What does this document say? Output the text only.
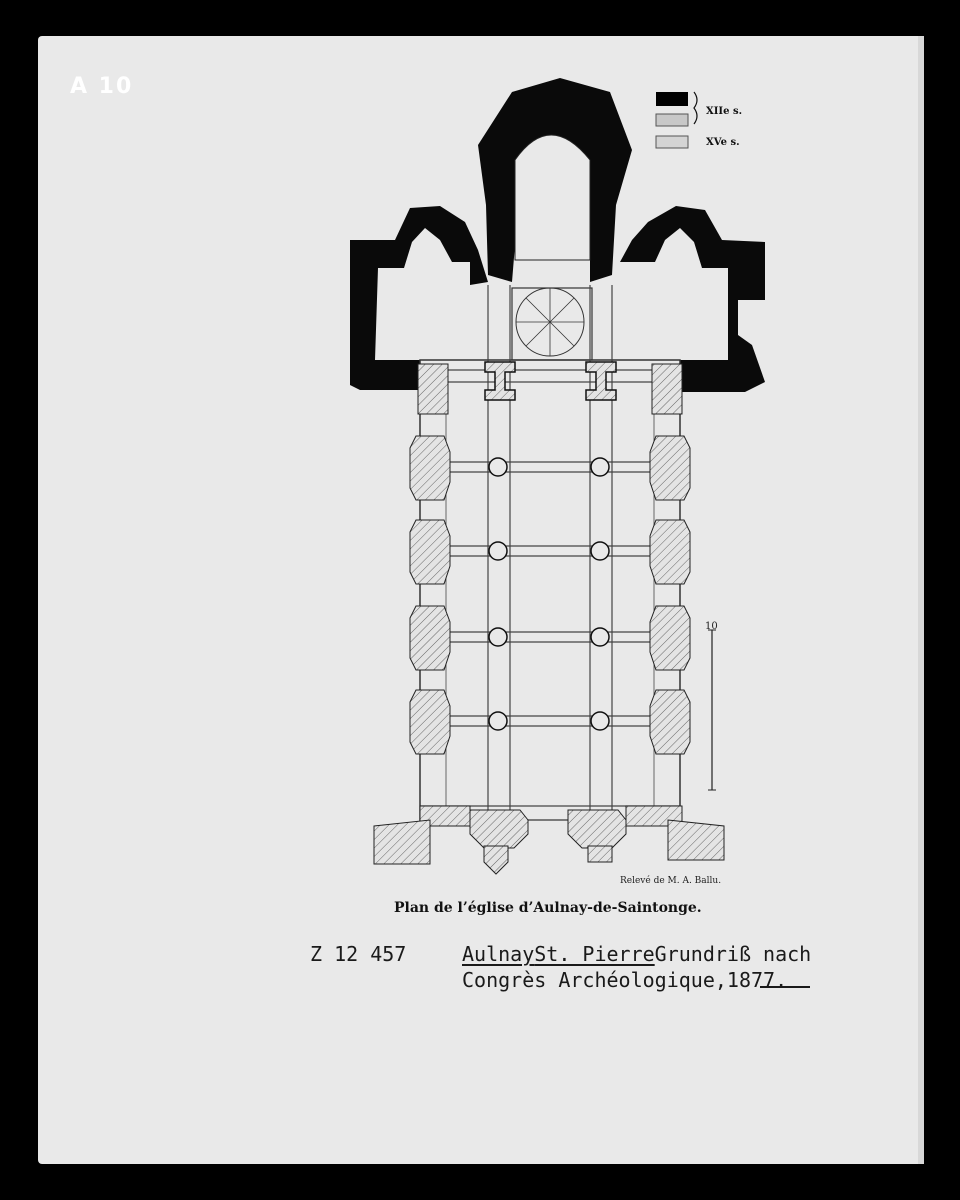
A 10
XIIe s.
XVe s.
10
Relevé de M. A. Ballu.
Plan de l’église d’Aulnay-de-Saintonge.
Z 12 457	AulnaySt. PierreGrundriß nach
Congrès Archéologique,1877.
